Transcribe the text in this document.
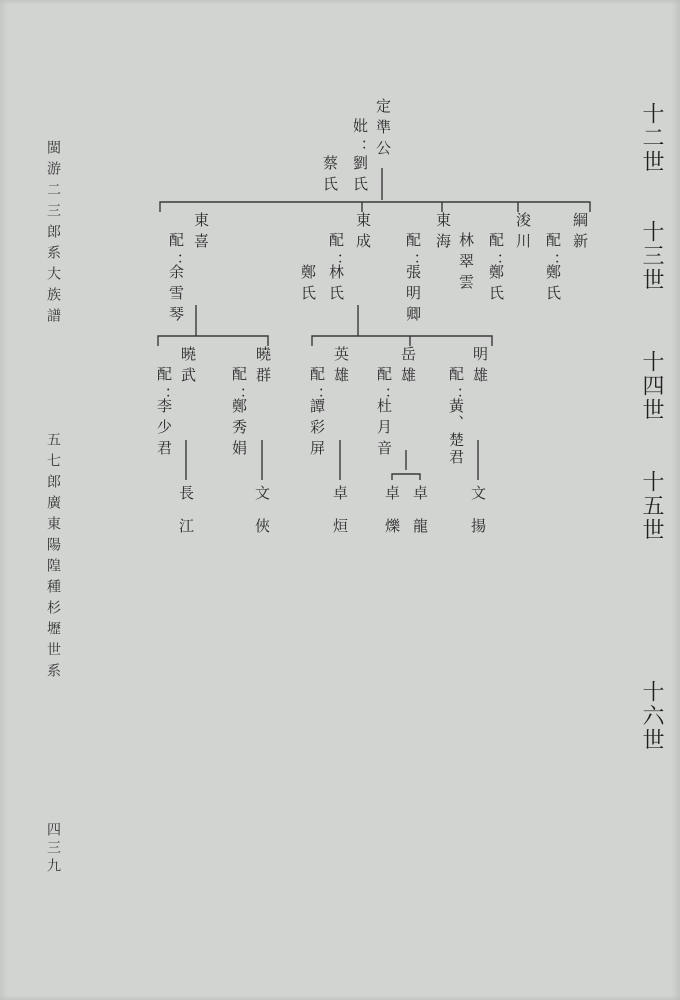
十二世
十三世
十四世
十五世
十六世
閩游二三郎系大族譜
五七郎廣東陽隍種杉壢世系
四三九
定準公
妣：
劉氏
蔡氏
綱新
配：
鄭氏
浚川
配：
鄭氏
林翠雲
東海
配：
張明卿
東成
配：
林氏
鄭氏
東喜
配：
余雪琴
明雄
配：
黃、楚君
岳雄
配：
杜月音
英雄
配：
譚彩屏
曉群
配：
鄭秀娟
曉武
配：
李少君
文揚
卓龍
卓爍
卓烜
文俠
長江
